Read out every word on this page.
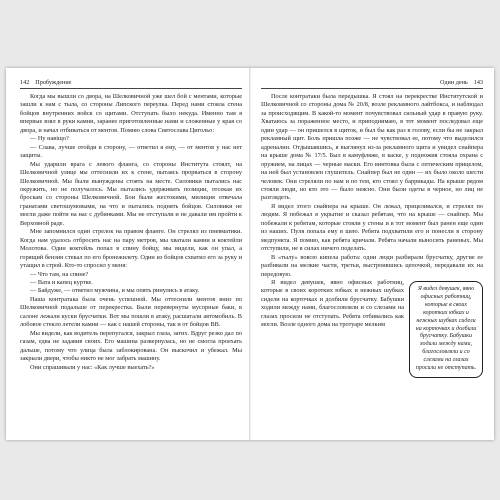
142 Пробуждение

Когда мы вышли со двора, на Шелковичной уже шел бой с ментами, которые зашли к нам с тыла, со стороны Липского переулка. Перед нами стояла стена бойцов внутренних войск со щитами. Отступать было некуда. Именно там я впервые взял в руки камни, заранее приготовленные нами и сложенные у края со двора, и начал отбиваться от ментов. Помню слова Святослава Цигольо:

— Ну навіщо?

— Слава, лучше отойди в сторону, — ответил я ему, — от ментов у нас нет защиты.

Мы ударили врага с левого фланга, со стороны Института стоялт, на Шелковичной улице мы оттеснили их к стене, пытаясь прорваться в сторону Шелковичной. Мы были вынуждены стоять на месте. Силовики пытались нас окружить, но не получалось. Мы пытались удерживать позиции, отсекая их броскам со стороны Шелковичной. Бои были жестокими, милиция отвечала гранатами светошумовыми, на что и пытались поднять бойцов. Силовики не могли даже пойти на нас с дубинками. Мы не отступали и не давали им пройти к Верховной раде.

Мне запомнился один стрелок на правом фланге. Он стрелял из пневматики. Когда нам удалось отбросить нас на пару метров, мы хватали камни и коктейли Молотова. Один коктейль попал в спину бойцу, мы видели, как он упал, а горящий бензин стекал по его бронежилету. Один из бойцов схватил его за руку и утащил в строй. Кто-то спросил у меня:

— Что там, на спине?

— Вата и капец куртке.

— Байдуже, — ответил мужчина, и мы опять ринулись в атаку.

Наша контратака была очень успешной. Мы оттеснили ментов вниз по Шелковичной подальше от перекрестка. Были перевернуты мусорные баки, в салоне лежали куски брусчатки. Вот мы пошли в атаку, расшатали автомобиль. В лобовое стекло летели камни — как с нашей стороны, так и от бойцов ВВ.

Мы видели, как водитель перепугался, закрыл глаза, затих. Вдруг резко дал по газам, едва не задавив своих. Его машина развернулась, но не смогла проехать дальше, потому что улица была заблокирована. Он выскочил и убежал. Мы закрыли двери, чтобы никто не мог забрать машину.

Они спрашивали у нас: «Как лучше выехать?»

Один день 143

После контратаки была передышка. Я стоял на перекрестке Институтской и Шелковичной со стороны дома № 20/8, возле рекламного лайтбокса, и наблюдал за происходящим. В какой-то момент почувствовал сильный удар в правую руку. Хватаюсь за пораженное место, и приподнимаю, в тот момент последовал еще один удар — он пришелся в щиток, и был бы как раз в голову, если бы не закрыл рекламный щит. Боль пришла позже — не чувствовал ее, потому что выделился адреналин. Отдышавшись, я выглянул из-за рекламного щита и увидел снайпера на крыше дома № 17/5. Был в камуфляже, в каске, у подножия стояла охрана с оружием, на лицах — черные маски. Его винтовка была с оптическим прицелом, на ней был установлен глушитель. Снайпер был не один — их было около шести человек. Они стреляли по нам и по тем, кто стоял у баррикады. На крыше рядом стояли люди, но кто это — было неясно. Они были одеты в черное, но лиц не разглядеть.

Я видел этого снайпера на крыше. Он лежал, прицеливался, и стрелял по людям. Я побежал в укрытие и сказал ребятам, что на крыше — снайпер. Мы побежали к ребятам, которые стояли у стены и в тот момент был ранен еще один из наших. Пуля попала ему в шею. Ребята подхватили его и понесли в сторону медпункта. Я помню, как ребята кричали. Ребята начали выносить раненых. Мы отступили, не в силах ничего поделать.

В «тылу» вовсю кипела работа: одни люди разбирали брусчатку, другие ее разбивали на мелкие части, третьи, выстроившись цепочкой, передавали их на передовую.

Я видел девушек, явно офисных работниц, которые в своих коротких юбках и нежных шубках сидели на корточках и долбили брусчатку. Бабушки ходили между нами, благословляли и со слезами на глазах просили не отступать.

Я видел девушек, явно офисных работниц, которые в своих коротких юбках и нежных шубках сидели на корточках и долбили брусчатку. Бабушки ходили между нами, благословляли и со слезами на глазах просили не отступать. Ребята отбивались как могли. Возле одного дома на тротуаре мелким
